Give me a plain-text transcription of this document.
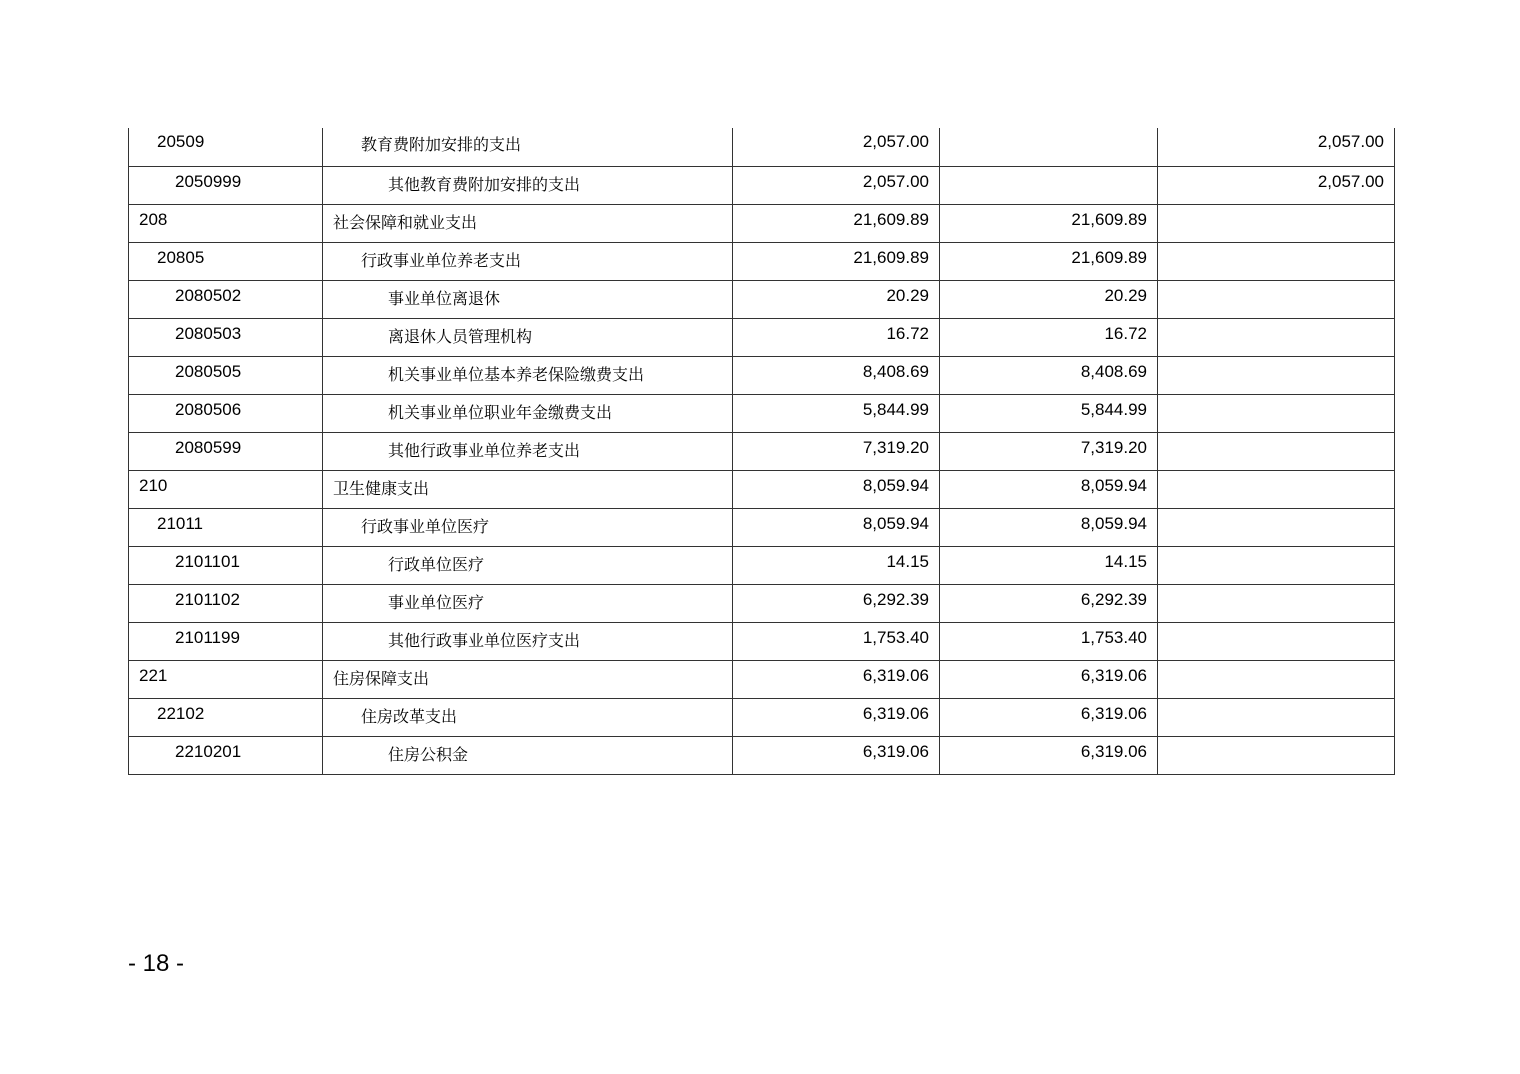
20509	教育费附加安排的支出	2,057.00		2,057.00
2050999	其他教育费附加安排的支出	2,057.00		2,057.00
208	社会保障和就业支出	21,609.89	21,609.89	
20805	行政事业单位养老支出	21,609.89	21,609.89	
2080502	事业单位离退休	20.29	20.29	
2080503	离退休人员管理机构	16.72	16.72	
2080505	机关事业单位基本养老保险缴费支出	8,408.69	8,408.69	
2080506	机关事业单位职业年金缴费支出	5,844.99	5,844.99	
2080599	其他行政事业单位养老支出	7,319.20	7,319.20	
210	卫生健康支出	8,059.94	8,059.94	
21011	行政事业单位医疗	8,059.94	8,059.94	
2101101	行政单位医疗	14.15	14.15	
2101102	事业单位医疗	6,292.39	6,292.39	
2101199	其他行政事业单位医疗支出	1,753.40	1,753.40	
221	住房保障支出	6,319.06	6,319.06	
22102	住房改革支出	6,319.06	6,319.06	
2210201	住房公积金	6,319.06	6,319.06	
- 18 -
